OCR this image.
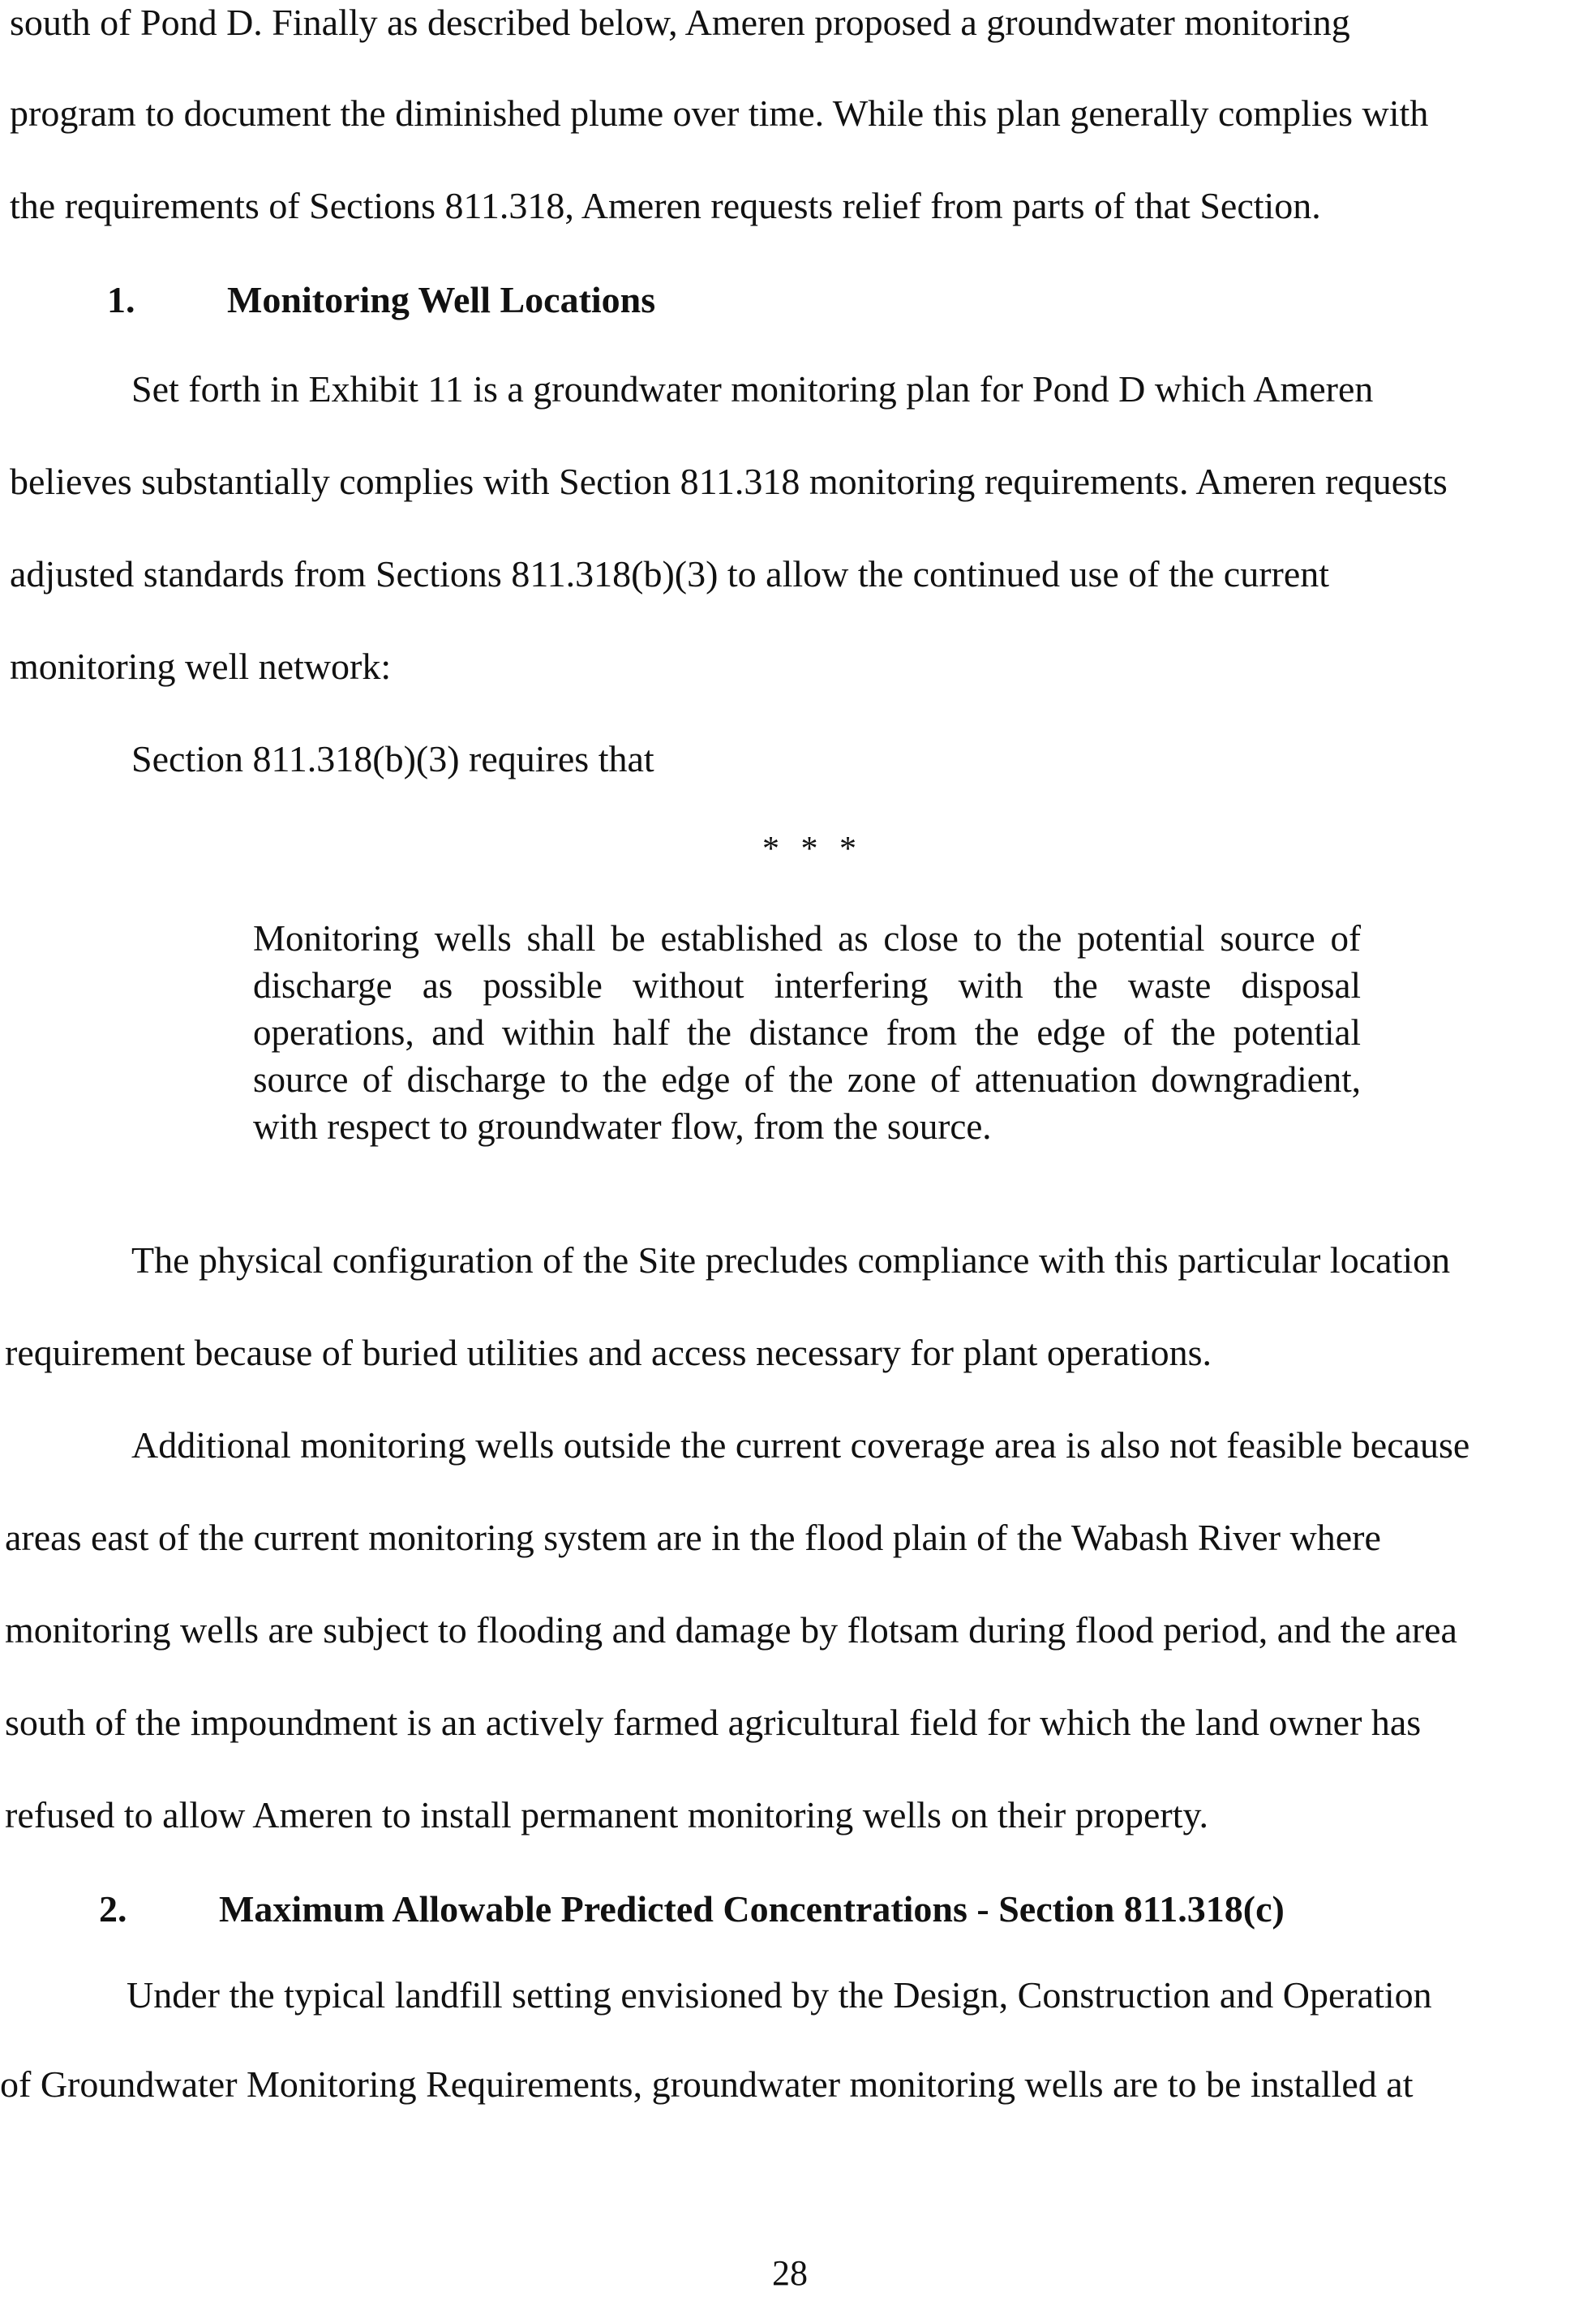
south of Pond D. Finally as described below, Ameren proposed a groundwater monitoring
program to document the diminished plume over time. While this plan generally complies with
the requirements of Sections 811.318, Ameren requests relief from parts of that Section.
1. Monitoring Well Locations
Set forth in Exhibit 11 is a groundwater monitoring plan for Pond D which Ameren
believes substantially complies with Section 811.318 monitoring requirements. Ameren requests
adjusted standards from Sections 811.318(b)(3) to allow the continued use of the current
monitoring well network:
Section 811.318(b)(3) requires that
* * *
Monitoring wells shall be established as close to the potential source of discharge as possible without interfering with the waste disposal operations, and within half the distance from the edge of the potential source of discharge to the edge of the zone of attenuation downgradient, with respect to groundwater flow, from the source.
The physical configuration of the Site precludes compliance with this particular location
requirement because of buried utilities and access necessary for plant operations.
Additional monitoring wells outside the current coverage area is also not feasible because
areas east of the current monitoring system are in the flood plain of the Wabash River where
monitoring wells are subject to flooding and damage by flotsam during flood period, and the area
south of the impoundment is an actively farmed agricultural field for which the land owner has
refused to allow Ameren to install permanent monitoring wells on their property.
2. Maximum Allowable Predicted Concentrations - Section 811.318(c)
Under the typical landfill setting envisioned by the Design, Construction and Operation
of Groundwater Monitoring Requirements, groundwater monitoring wells are to be installed at
28
